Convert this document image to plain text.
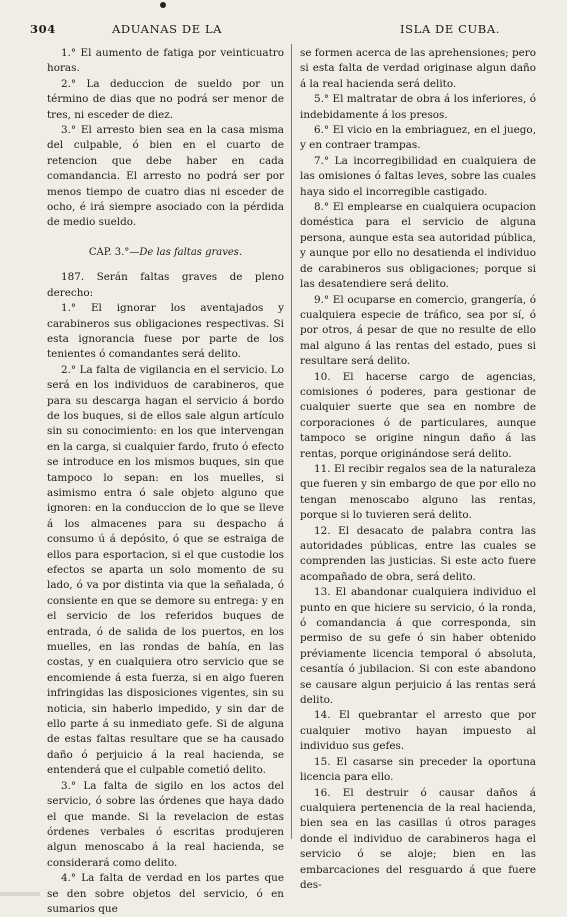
304	ADUANAS DE LA	ISLA DE CUBA.

1.° El aumento de fatiga por veinticuatro horas.

2.° La deduccion de sueldo por un término de dias que no podrá ser menor de tres, ni esceder de diez.

3.° El arresto bien sea en la casa misma del culpable, ó bien en el cuarto de retencion que debe haber en cada comandancia. El arresto no podrá ser por menos tiempo de cuatro dias ni esceder de ocho, é irá siempre asociado con la pérdida de medio sueldo.

CAP. 3.°—De las faltas graves.

187. Serán faltas graves de pleno derecho:

1.° El ignorar los aventajados y carabineros sus obligaciones respectivas. Si esta ignorancia fuese por parte de los tenientes ó comandantes será delito.

2.° La falta de vigilancia en el servicio. Lo será en los individuos de carabineros, que para su descarga hagan el servicio á bordo de los buques, si de ellos sale algun artículo sin su conocimiento: en los que intervengan en la carga, si cualquier fardo, fruto ó efecto se introduce en los mismos buques, sin que tampoco lo sepan: en los muelles, si asimismo entra ó sale objeto alguno que ignoren: en la conduccion de lo que se lleve á los almacenes para su despacho á consumo ú á depósito, ó que se estraiga de ellos para esportacion, si el que custodie los efectos se aparta un solo momento de su lado, ó va por distinta via que la señalada, ó consiente en que se demore su entrega: y en el servicio de los referidos buques de entrada, ó de salida de los puertos, en los muelles, en las rondas de bahía, en las costas, y en cualquiera otro servicio que se encomiende á esta fuerza, si en algo fueren infringidas las disposiciones vigentes, sin su noticia, sin haberlo impedido, y sin dar de ello parte á su inmediato gefe. Si de alguna de estas faltas resultare que se ha causado daño ó perjuicio á la real hacienda, se entenderá que el culpable cometió delito.

3.° La falta de sigilo en los actos del servicio, ó sobre las órdenes que haya dado el que mande. Si la revelacion de estas órdenes verbales ó escritas produjeren algun menoscabo á la real hacienda, se considerará como delito.

4.° La falta de verdad en los partes que se den sobre objetos del servicio, ó en sumarios que

se formen acerca de las aprehensiones; pero si esta falta de verdad originase algun daño á la real hacienda será delito.

5.° El maltratar de obra á los inferiores, ó indebidamente á los presos.

6.° El vicio en la embriaguez, en el juego, y en contraer trampas.

7.° La incorregibilidad en cualquiera de las omisiones ó faltas leves, sobre las cuales haya sido el incorregible castigado.

8.° El emplearse en cualquiera ocupacion doméstica para el servicio de alguna persona, aunque esta sea autoridad pública, y aunque por ello no desatienda el individuo de carabineros sus obligaciones; porque si las desatendiere será delito.

9.° El ocuparse en comercio, grangería, ó cualquiera especie de tráfico, sea por sí, ó por otros, á pesar de que no resulte de ello mal alguno á las rentas del estado, pues si resultare será delito.

10. El hacerse cargo de agencias, comisiones ó poderes, para gestionar de cualquier suerte que sea en nombre de corporaciones ó de particulares, aunque tampoco se origine ningun daño á las rentas, porque originándose será delito.

11. El recibir regalos sea de la naturaleza que fueren y sin embargo de que por ello no tengan menoscabo alguno las rentas, porque si lo tuvieren será delito.

12. El desacato de palabra contra las autoridades públicas, entre las cuales se comprenden las justicias. Si este acto fuere acompañado de obra, será delito.

13. El abandonar cualquiera individuo el punto en que hiciere su servicio, ó la ronda, ó comandancia á que corresponda, sin permiso de su gefe ó sin haber obtenido préviamente licencia temporal ó absoluta, cesantía ó jubilacion. Si con este abandono se causare algun perjuicio á las rentas será delito.

14. El quebrantar el arresto que por cualquier motivo hayan impuesto al individuo sus gefes.

15. El casarse sin preceder la oportuna licencia para ello.

16. El destruir ó causar daños á cualquiera pertenencia de la real hacienda, bien sea en las casillas ú otros parages donde el individuo de carabineros haga el servicio ó se aloje; bien en las embarcaciones del resguardo á que fuere des-
